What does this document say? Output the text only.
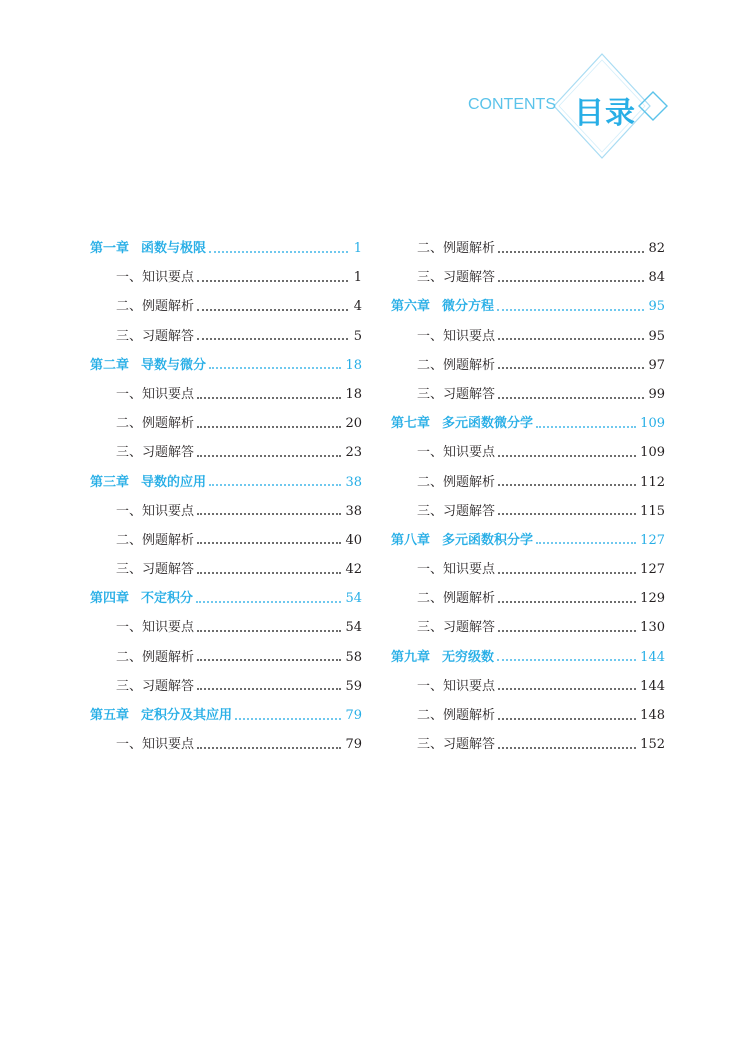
CONTENTS 目录
第一章 函数与极限	1
一、知识要点	1
二、例题解析	4
三、习题解答	5
第二章 导数与微分	18
一、知识要点	18
二、例题解析	20
三、习题解答	23
第三章 导数的应用	38
一、知识要点	38
二、例题解析	40
三、习题解答	42
第四章 不定积分	54
一、知识要点	54
二、例题解析	58
三、习题解答	59
第五章 定积分及其应用	79
一、知识要点	79
二、例题解析	82
三、习题解答	84
第六章 微分方程	95
一、知识要点	95
二、例题解析	97
三、习题解答	99
第七章 多元函数微分学	109
一、知识要点	109
二、例题解析	112
三、习题解答	115
第八章 多元函数积分学	127
一、知识要点	127
二、例题解析	129
三、习题解答	130
第九章 无穷级数	144
一、知识要点	144
二、例题解析	148
三、习题解答	152
